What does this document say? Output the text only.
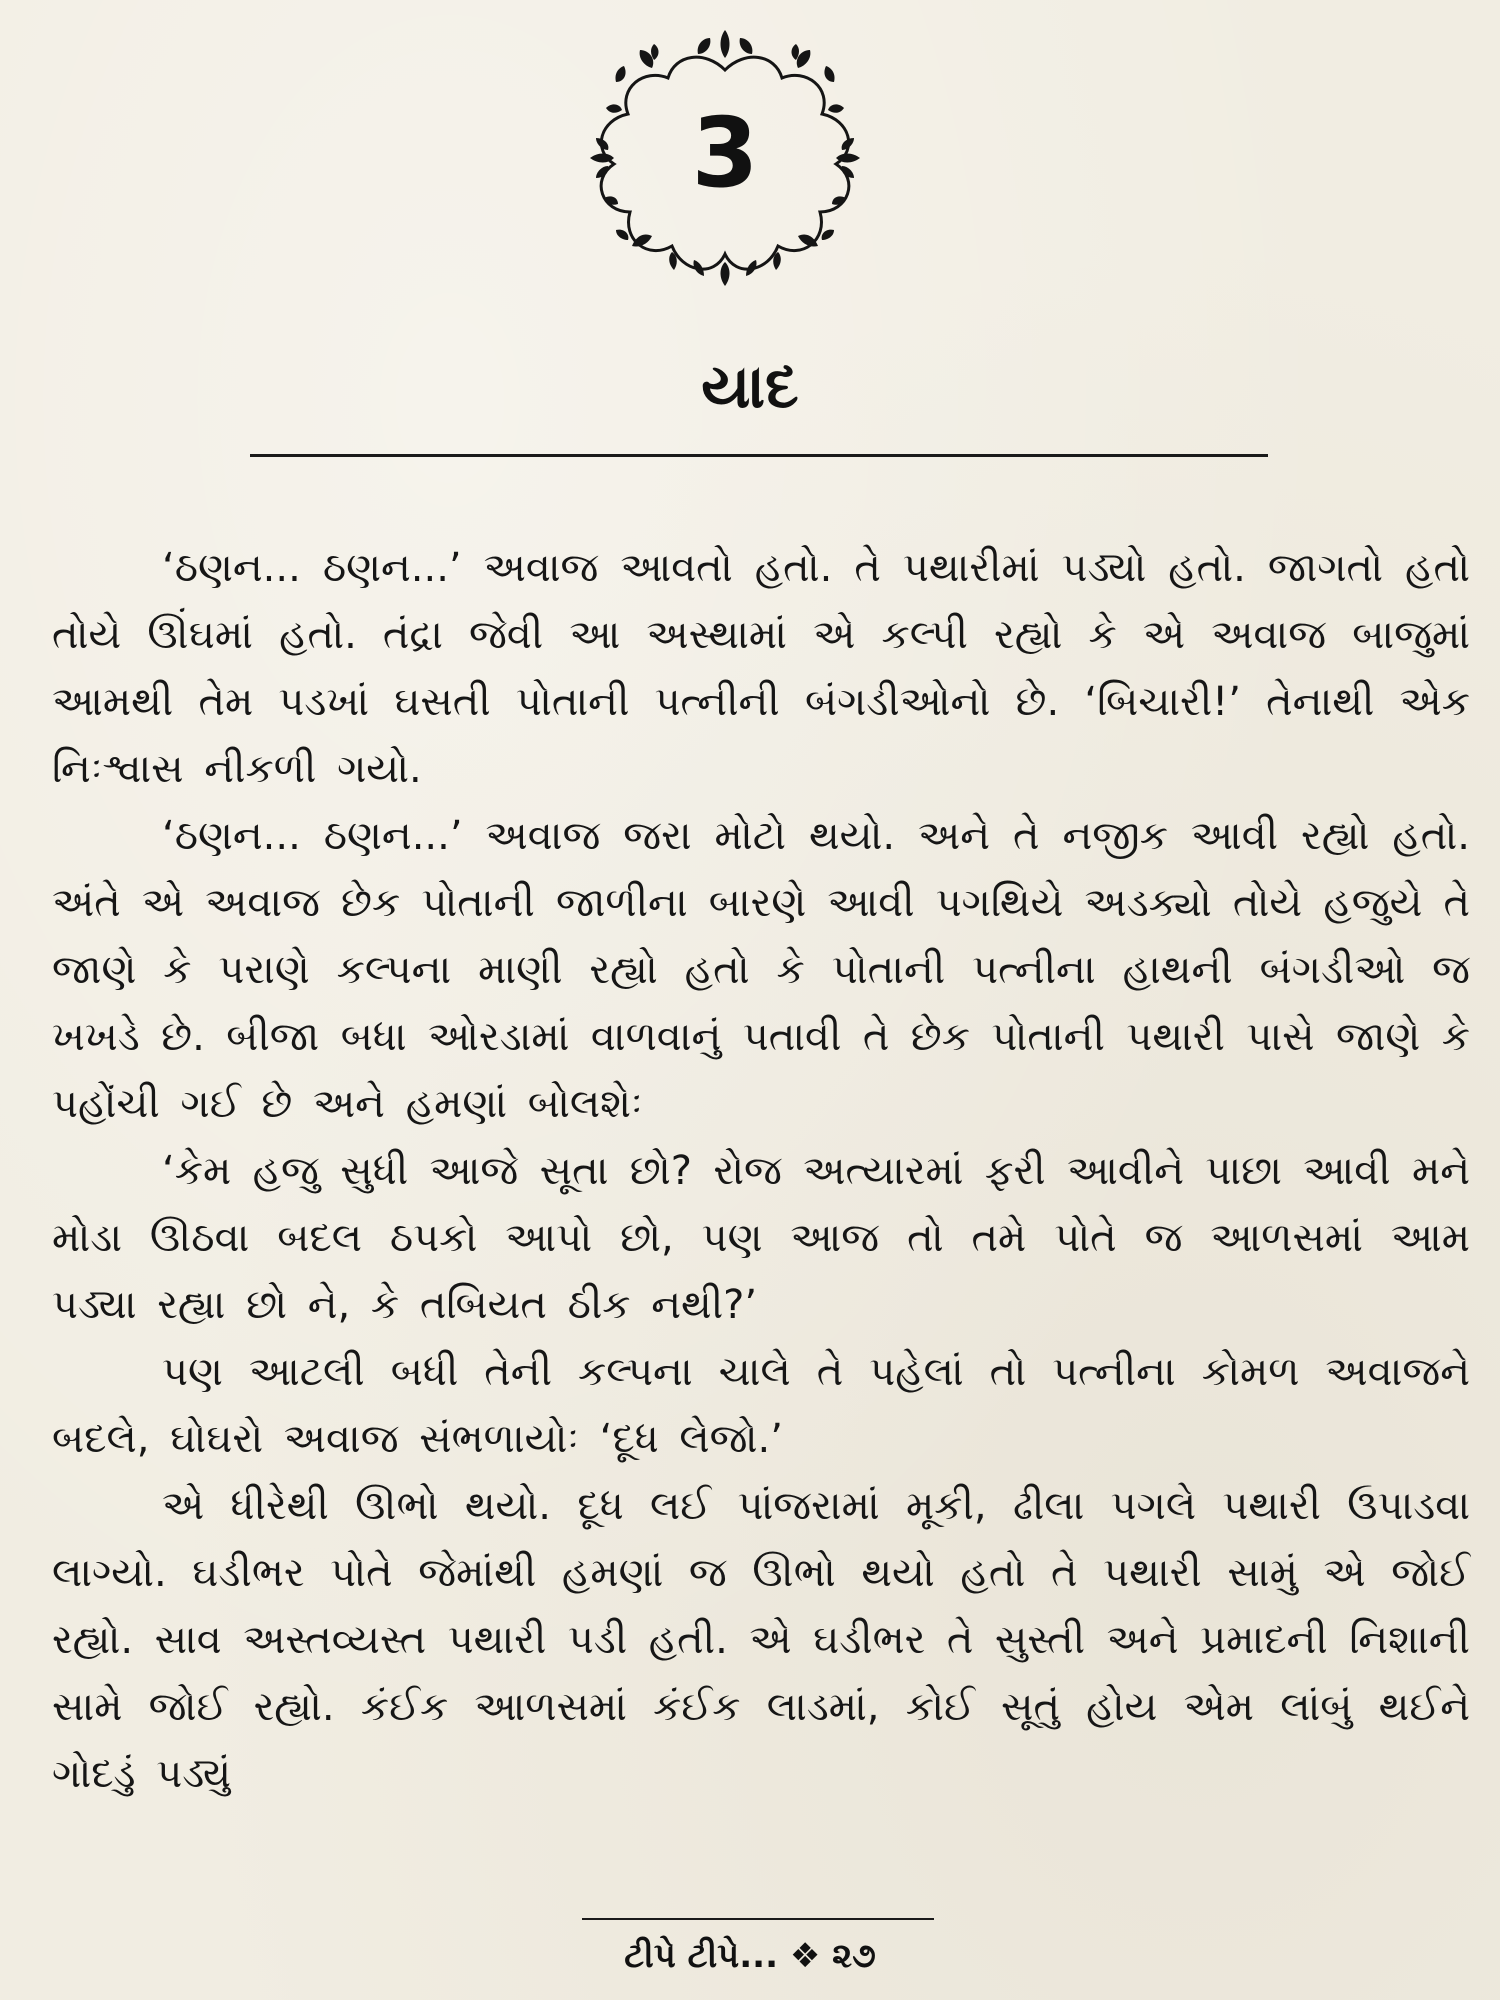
3
યાદ

‘ઠણન... ઠણન...’ અવાજ આવતો હતો. તે પથારીમાં પડ્યો હતો. જાગતો હતો તોયે ઊંઘમાં હતો. તંદ્રા જેવી આ અસ્થામાં એ કલ્પી રહ્યો કે એ અવાજ બાજુમાં આમથી તેમ પડખાં ઘસતી પોતાની પત્નીની બંગડીઓનો છે. ‘બિચારી!’ તેનાથી એક નિઃશ્વાસ નીકળી ગયો.

‘ઠણન... ઠણન...’ અવાજ જરા મોટો થયો. અને તે નજીક આવી રહ્યો હતો. અંતે એ અવાજ છેક પોતાની જાળીના બારણે આવી પગથિયે અડક્યો તોયે હજુયે તે જાણે કે પરાણે કલ્પના માણી રહ્યો હતો કે પોતાની પત્નીના હાથની બંગડીઓ જ ખખડે છે. બીજા બધા ઓરડામાં વાળવાનું પતાવી તે છેક પોતાની પથારી પાસે જાણે કે પહોંચી ગઈ છે અને હમણાં બોલશેઃ

‘કેમ હજુ સુધી આજે સૂતા છો? રોજ અત્યારમાં ફરી આવીને પાછા આવી મને મોડા ઊઠવા બદલ ઠપકો આપો છો, પણ આજ તો તમે પોતે જ આળસમાં આમ પડ્યા રહ્યા છો ને, કે તબિયત ઠીક નથી?’

પણ આટલી બધી તેની કલ્પના ચાલે તે પહેલાં તો પત્નીના કોમળ અવાજને બદલે, ઘોઘરો અવાજ સંભળાયોઃ ‘દૂધ લેજો.’

એ ધીરેથી ઊભો થયો. દૂધ લઈ પાંજરામાં મૂકી, ઢીલા પગલે પથારી ઉપાડવા લાગ્યો. ઘડીભર પોતે જેમાંથી હમણાં જ ઊભો થયો હતો તે પથારી સામું એ જોઈ રહ્યો. સાવ અસ્તવ્યસ્ત પથારી પડી હતી. એ ઘડીભર તે સુસ્તી અને પ્રમાદની નિશાની સામે જોઈ રહ્યો. કંઈક આળસમાં કંઈક લાડમાં, કોઈ સૂતું હોય એમ લાંબું થઈને ગોદડું પડ્યું

ટીપે ટીપે... ❖ ૨૭
